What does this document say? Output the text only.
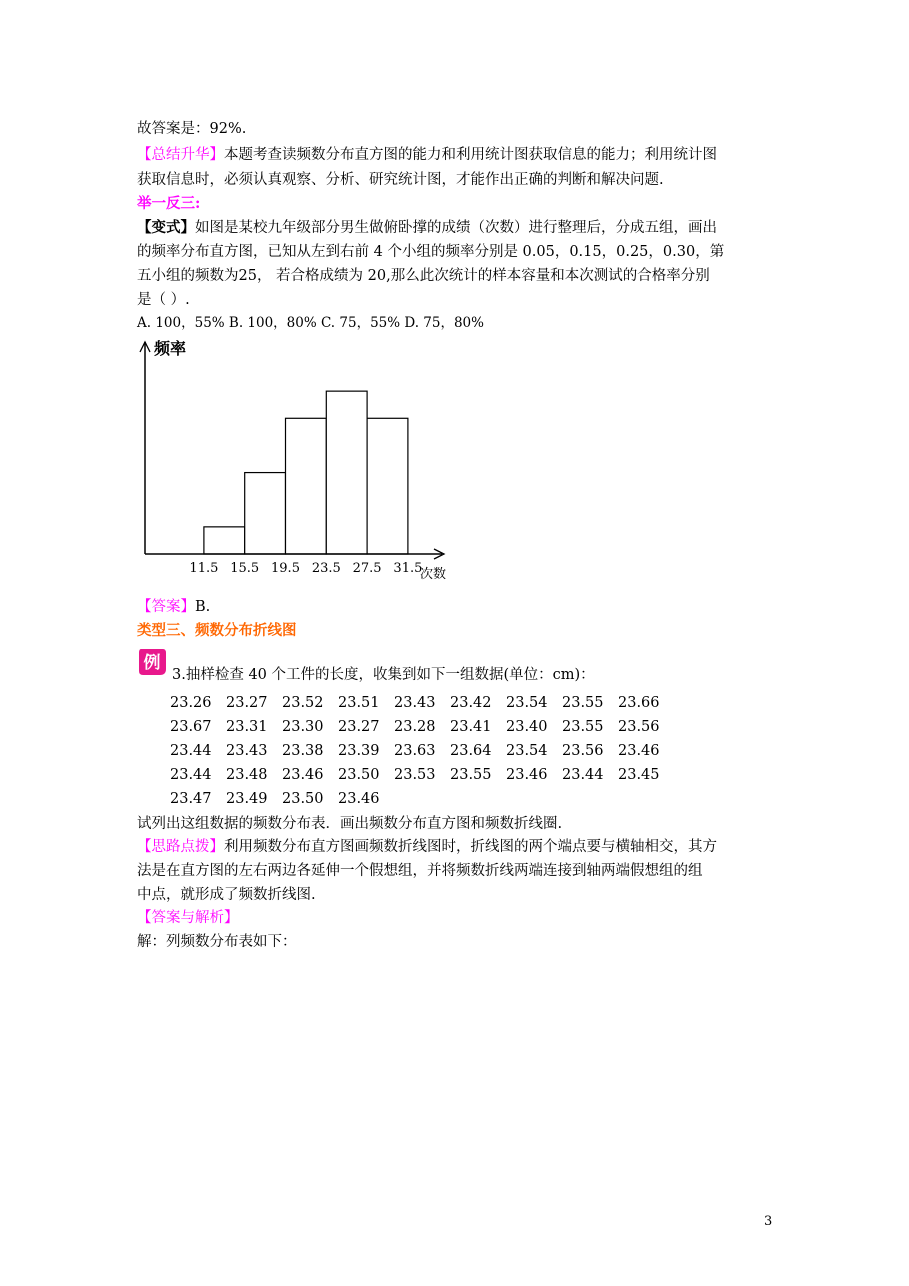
故答案是：92%.
【总结升华】本题考查读频数分布直方图的能力和利用统计图获取信息的能力；利用统计图
获取信息时，必须认真观察、分析、研究统计图，才能作出正确的判断和解决问题.
举一反三:
【变式】如图是某校九年级部分男生做俯卧撑的成绩（次数）进行整理后，分成五组，画出
的频率分布直方图，已知从左到右前 4 个小组的频率分别是 0.05，0.15，0.25，0.30，第
五小组的频数为25， 若合格成绩为 20,那么此次统计的样本容量和本次测试的合格率分别
是（ ）.
A. 100，55% B. 100，80% C. 75，55% D. 75，80%
11.5 15.5 19.5 23.5 27.5 31.5
频率
次数
【答案】B.
类型三、频数分布折线图
例
3.抽样检查 40 个工件的长度，收集到如下一组数据(单位：cm)：
23.26 23.27 23.52 23.51 23.43 23.42 23.54 23.55 23.66
23.67 23.31 23.30 23.27 23.28 23.41 23.40 23.55 23.56
23.44 23.43 23.38 23.39 23.63 23.64 23.54 23.56 23.46
23.44 23.48 23.46 23.50 23.53 23.55 23.46 23.44 23.45
23.47 23.49 23.50 23.46
试列出这组数据的频数分布表．画出频数分布直方图和频数折线圈.
【思路点拨】利用频数分布直方图画频数折线图时，折线图的两个端点要与横轴相交，其方
法是在直方图的左右两边各延伸一个假想组，并将频数折线两端连接到轴两端假想组的组
中点，就形成了频数折线图.
【答案与解析】
解：列频数分布表如下：
3
